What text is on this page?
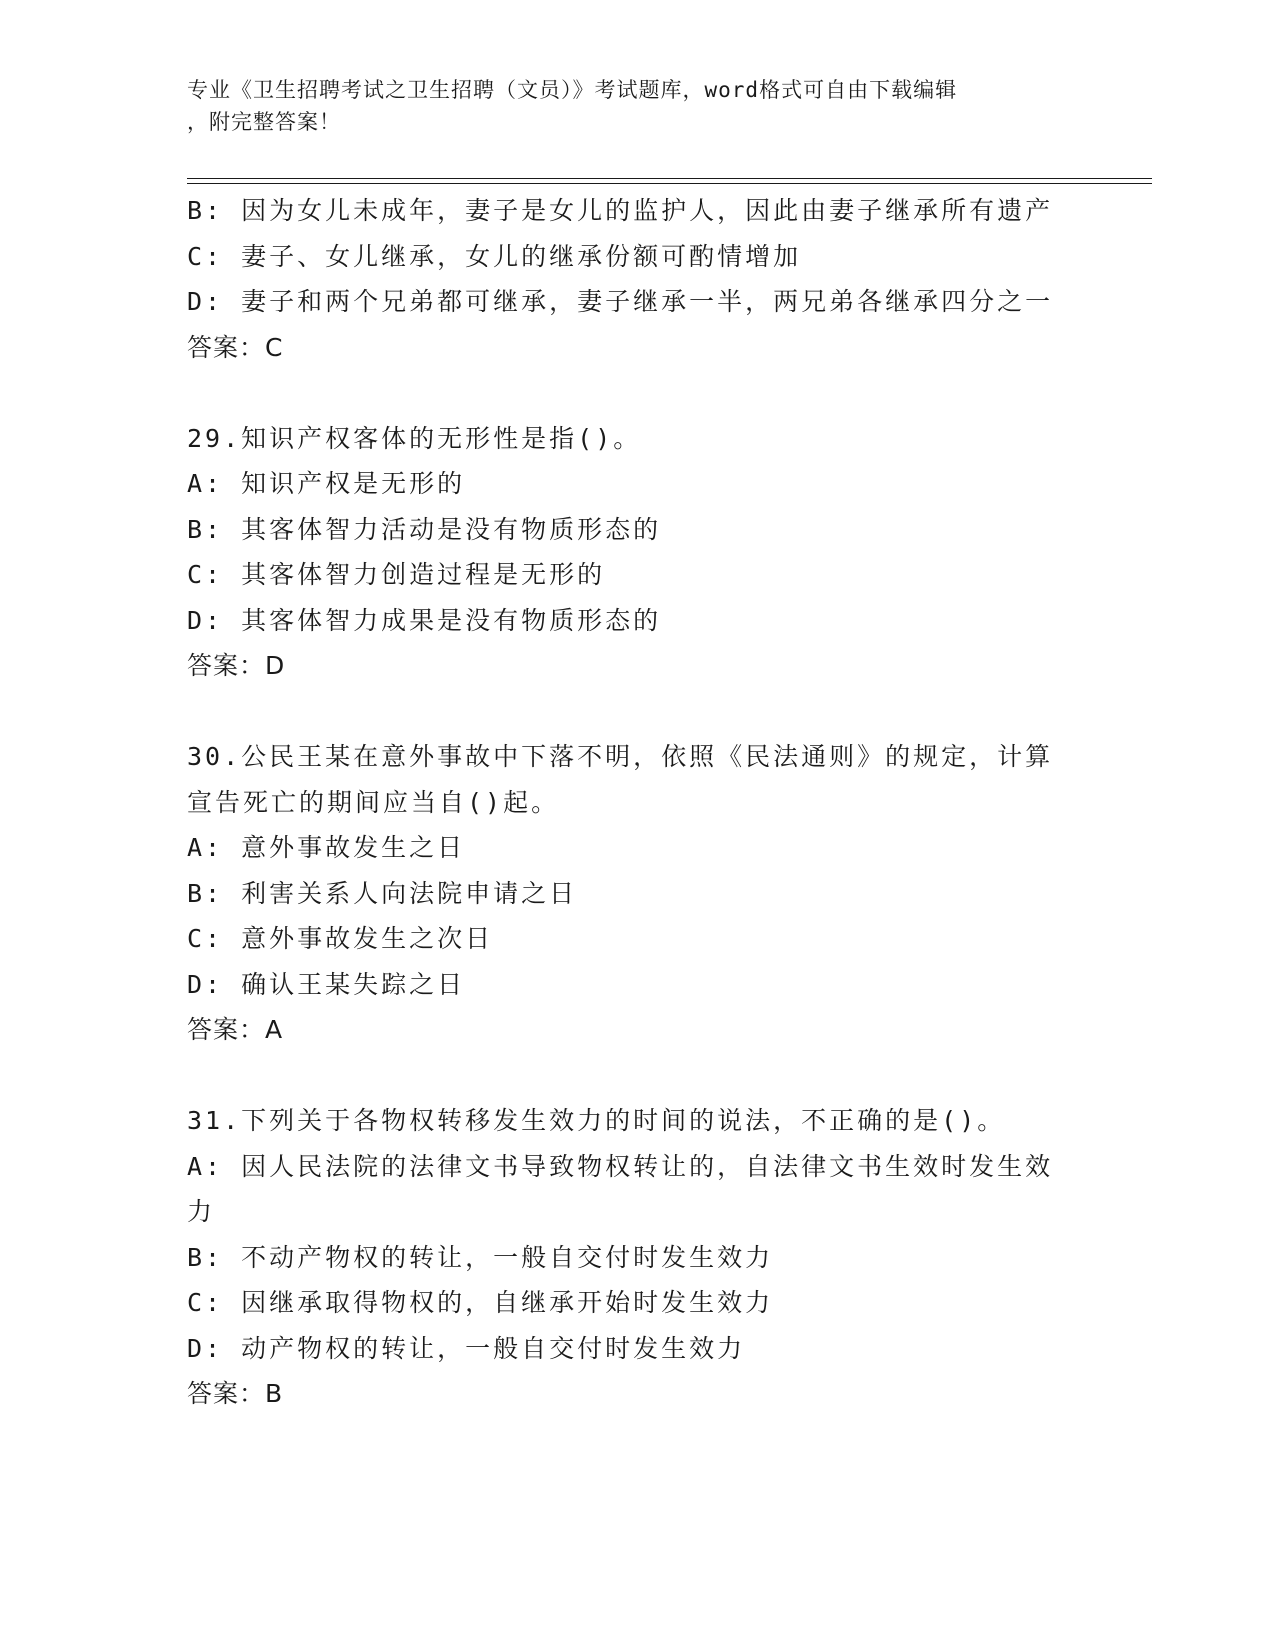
专业《卫生招聘考试之卫生招聘（文员）》考试题库，word格式可自由下载编辑
，附完整答案！
B: 因为女儿未成年，妻子是女儿的监护人，因此由妻子继承所有遗产
C: 妻子、女儿继承，女儿的继承份额可酌情增加
D: 妻子和两个兄弟都可继承，妻子继承一半，两兄弟各继承四分之一
答案：C
29.知识产权客体的无形性是指()。
A: 知识产权是无形的
B: 其客体智力活动是没有物质形态的
C: 其客体智力创造过程是无形的
D: 其客体智力成果是没有物质形态的
答案：D
30.公民王某在意外事故中下落不明，依照《民法通则》的规定，计算
宣告死亡的期间应当自()起。
A: 意外事故发生之日
B: 利害关系人向法院申请之日
C: 意外事故发生之次日
D: 确认王某失踪之日
答案：A
31.下列关于各物权转移发生效力的时间的说法，不正确的是()。
A: 因人民法院的法律文书导致物权转让的，自法律文书生效时发生效
力
B: 不动产物权的转让，一般自交付时发生效力
C: 因继承取得物权的，自继承开始时发生效力
D: 动产物权的转让，一般自交付时发生效力
答案：B
